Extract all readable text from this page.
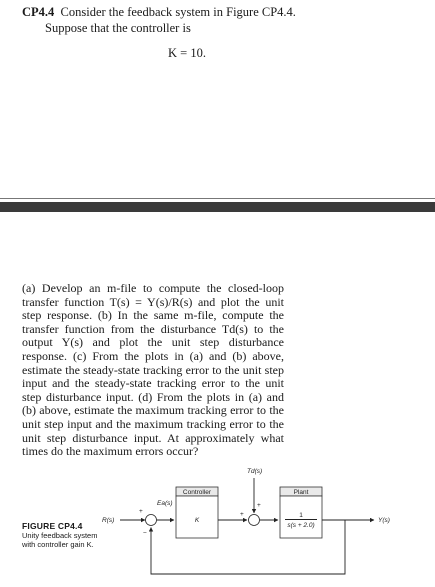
CP4.4 Consider the feedback system in Figure CP4.4.
Suppose that the controller is
K = 10.
(a) Develop an m-file to compute the closed-loop transfer function T(s) = Y(s)/R(s) and plot the unit step response. (b) In the same m-file, compute the transfer function from the disturbance Td(s) to the output Y(s) and plot the unit step disturbance response. (c) From the plots in (a) and (b) above, estimate the steady-state tracking error to the unit step input and the steady-state tracking error to the unit step disturbance input. (d) From the plots in (a) and (b) above, estimate the maximum tracking error to the unit step input and the maximum tracking error to the unit step disturbance input. At approximately what times do the maximum errors occur?
FIGURE CP4.4
Unity feedback system with controller gain K.
R(s)
+
−
Ea(s)
Controller
K
Td(s)
+
+
Plant
1
s(s + 2.0)
Y(s)
